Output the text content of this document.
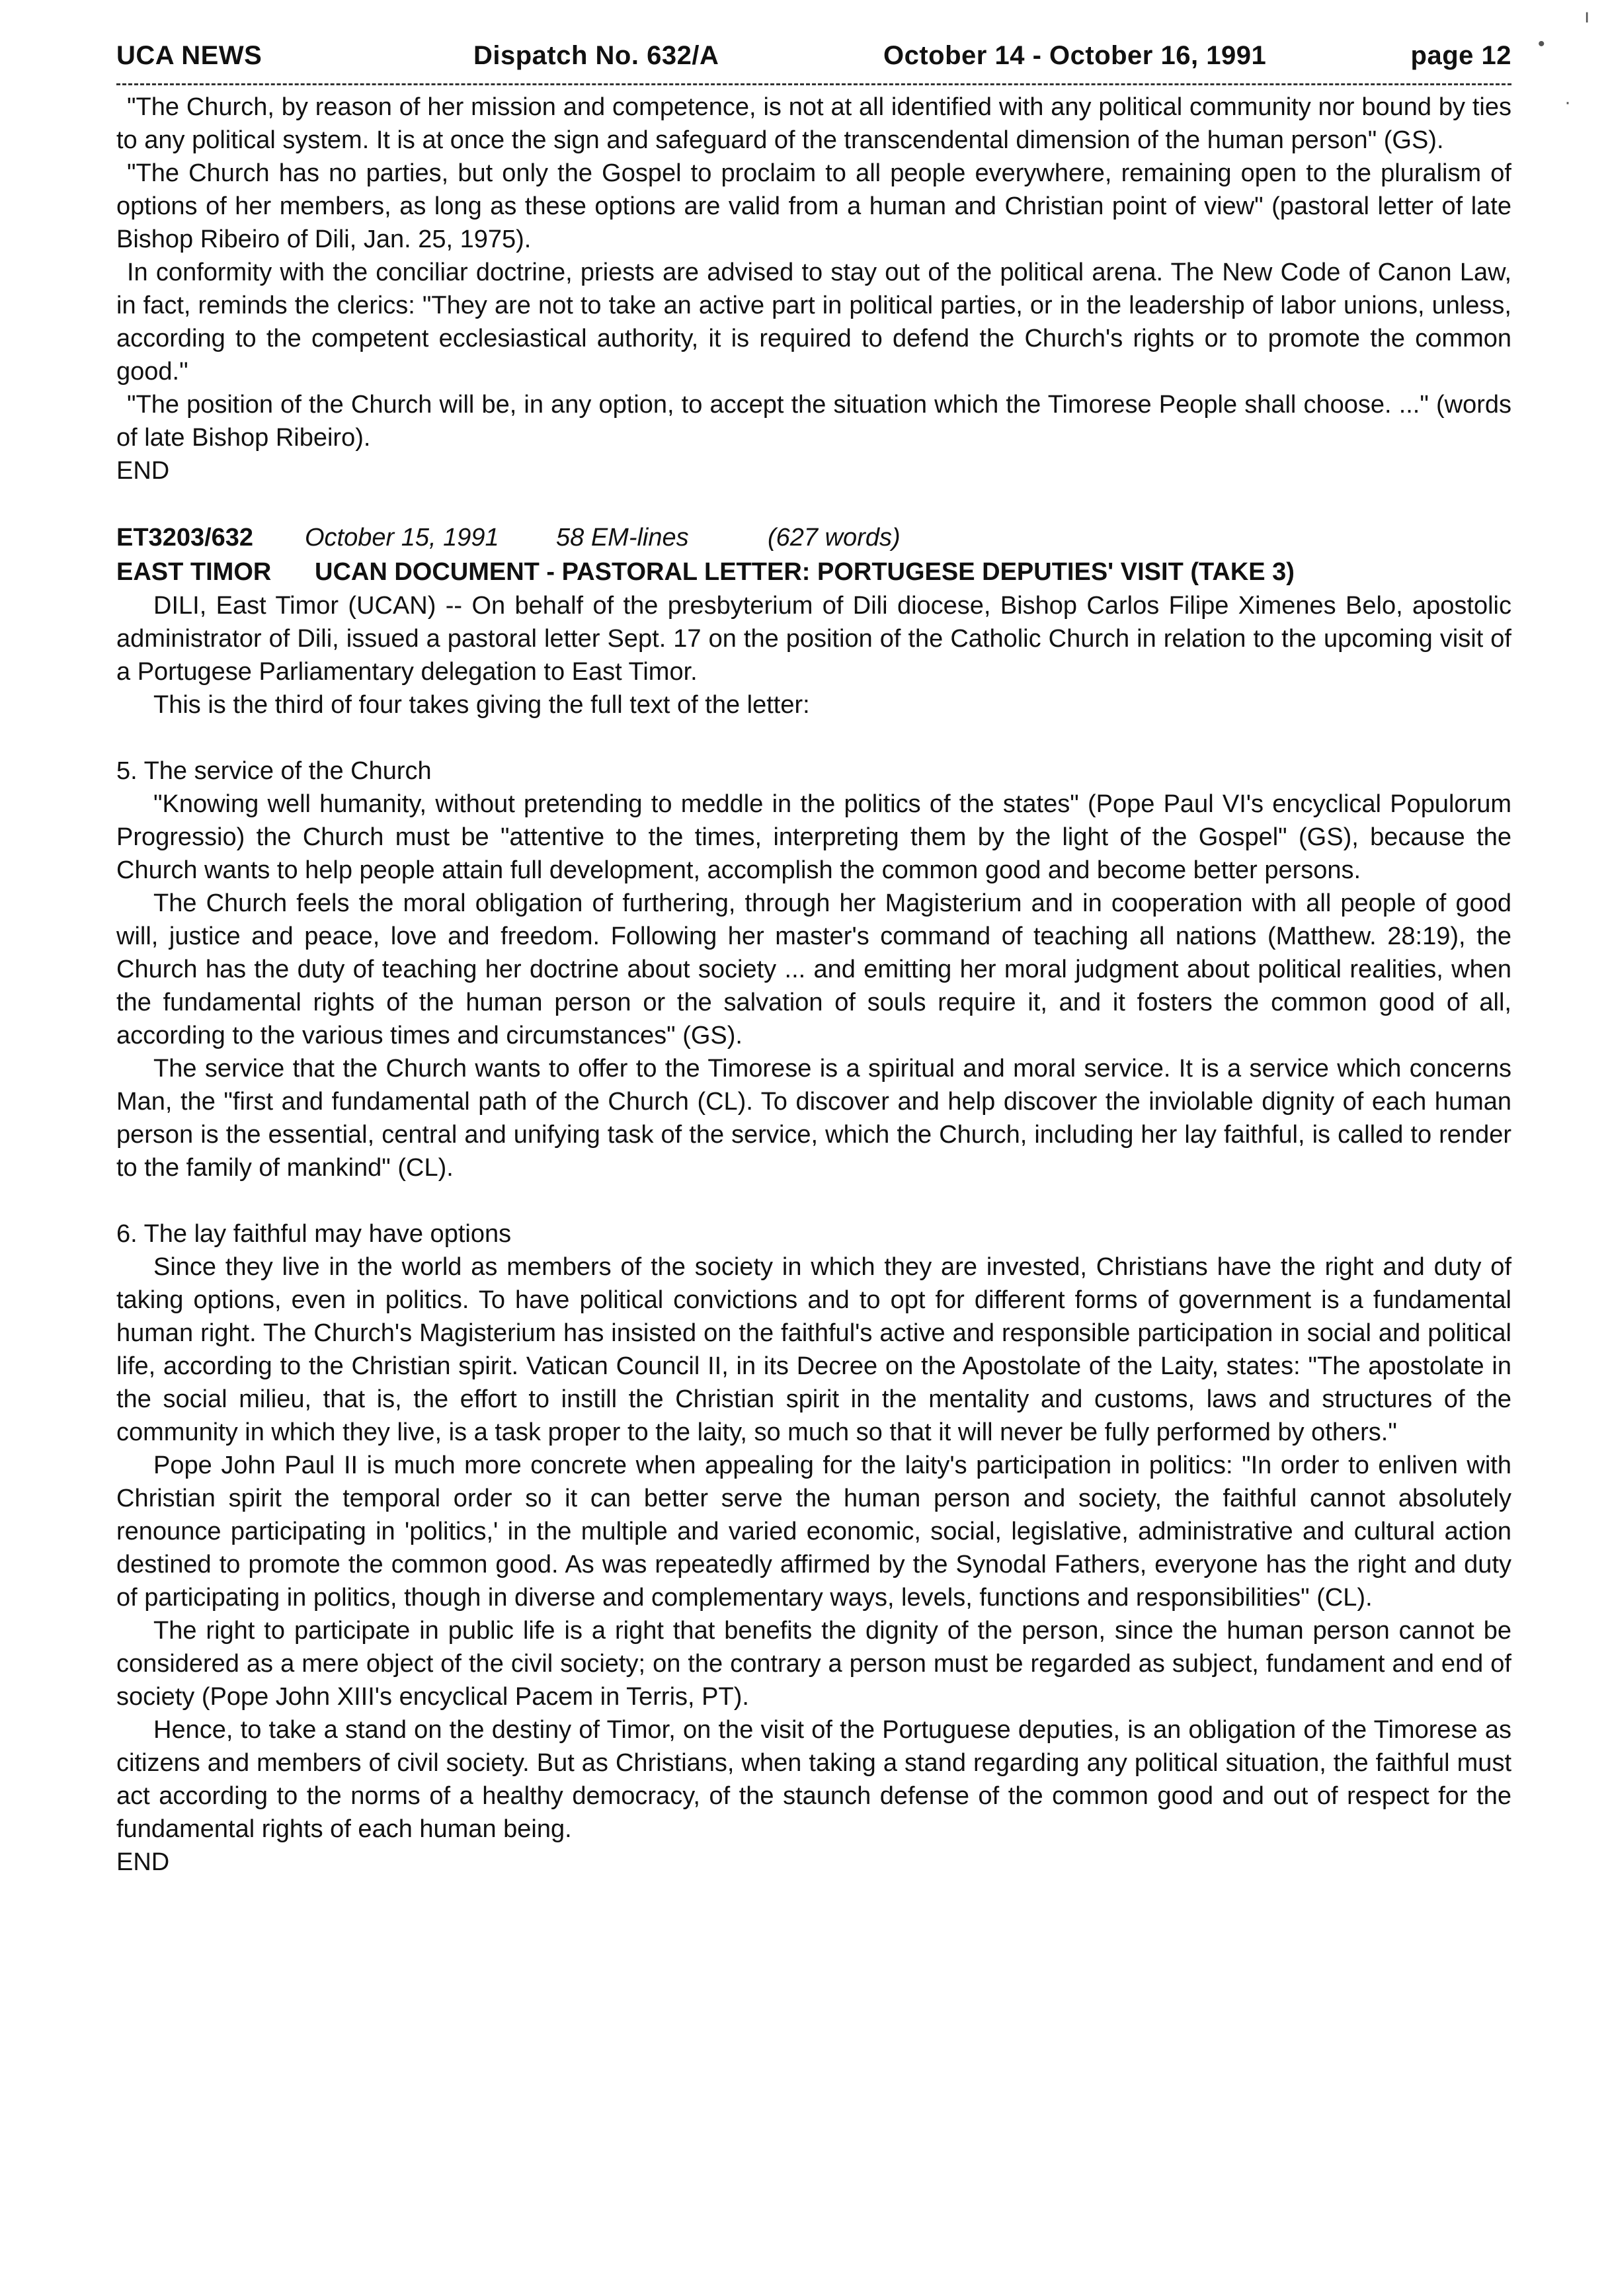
UCA NEWS	Dispatch No. 632/A	October 14 - October 16, 1991	page 12

"The Church, by reason of her mission and competence, is not at all identified with any political community nor bound by ties to any political system. It is at once the sign and safeguard of the transcendental dimension of the human person" (GS).

"The Church has no parties, but only the Gospel to proclaim to all people everywhere, remaining open to the pluralism of options of her members, as long as these options are valid from a human and Christian point of view" (pastoral letter of late Bishop Ribeiro of Dili, Jan. 25, 1975).

In conformity with the conciliar doctrine, priests are advised to stay out of the political arena. The New Code of Canon Law, in fact, reminds the clerics: "They are not to take an active part in political parties, or in the leadership of labor unions, unless, according to the competent ecclesiastical authority, it is required to defend the Church's rights or to promote the common good."

"The position of the Church will be, in any option, to accept the situation which the Timorese People shall choose. ..." (words of late Bishop Ribeiro).

END
ET3203/632	October 15, 1991	58 EM-lines	(627 words)
EAST TIMOR UCAN DOCUMENT - PASTORAL LETTER: PORTUGESE DEPUTIES' VISIT (TAKE 3)

DILI, East Timor (UCAN) -- On behalf of the presbyterium of Dili diocese, Bishop Carlos Filipe Ximenes Belo, apostolic administrator of Dili, issued a pastoral letter Sept. 17 on the position of the Catholic Church in relation to the upcoming visit of a Portugese Parliamentary delegation to East Timor.

This is the third of four takes giving the full text of the letter:

5. The service of the Church

"Knowing well humanity, without pretending to meddle in the politics of the states" (Pope Paul VI's encyclical Populorum Progressio) the Church must be "attentive to the times, interpreting them by the light of the Gospel" (GS), because the Church wants to help people attain full development, accomplish the common good and become better persons.

The Church feels the moral obligation of furthering, through her Magisterium and in cooperation with all people of good will, justice and peace, love and freedom. Following her master's command of teaching all nations (Matthew. 28:19), the Church has the duty of teaching her doctrine about society ... and emitting her moral judgment about political realities, when the fundamental rights of the human person or the salvation of souls require it, and it fosters the common good of all, according to the various times and circumstances" (GS).

The service that the Church wants to offer to the Timorese is a spiritual and moral service. It is a service which concerns Man, the "first and fundamental path of the Church (CL). To discover and help discover the inviolable dignity of each human person is the essential, central and unifying task of the service, which the Church, including her lay faithful, is called to render to the family of mankind" (CL).

6. The lay faithful may have options

Since they live in the world as members of the society in which they are invested, Christians have the right and duty of taking options, even in politics. To have political convictions and to opt for different forms of government is a fundamental human right. The Church's Magisterium has insisted on the faithful's active and responsible participation in social and political life, according to the Christian spirit. Vatican Council II, in its Decree on the Apostolate of the Laity, states: "The apostolate in the social milieu, that is, the effort to instill the Christian spirit in the mentality and customs, laws and structures of the community in which they live, is a task proper to the laity, so much so that it will never be fully performed by others."

Pope John Paul II is much more concrete when appealing for the laity's participation in politics: "In order to enliven with Christian spirit the temporal order so it can better serve the human person and society, the faithful cannot absolutely renounce participating in 'politics,' in the multiple and varied economic, social, legislative, administrative and cultural action destined to promote the common good. As was repeatedly affirmed by the Synodal Fathers, everyone has the right and duty of participating in politics, though in diverse and complementary ways, levels, functions and responsibilities" (CL).

The right to participate in public life is a right that benefits the dignity of the person, since the human person cannot be considered as a mere object of the civil society; on the contrary a person must be regarded as subject, fundament and end of society (Pope John XIII's encyclical Pacem in Terris, PT).

Hence, to take a stand on the destiny of Timor, on the visit of the Portuguese deputies, is an obligation of the Timorese as citizens and members of civil society. But as Christians, when taking a stand regarding any political situation, the faithful must act according to the norms of a healthy democracy, of the staunch defense of the common good and out of respect for the fundamental rights of each human being.

END
•
·
ı
